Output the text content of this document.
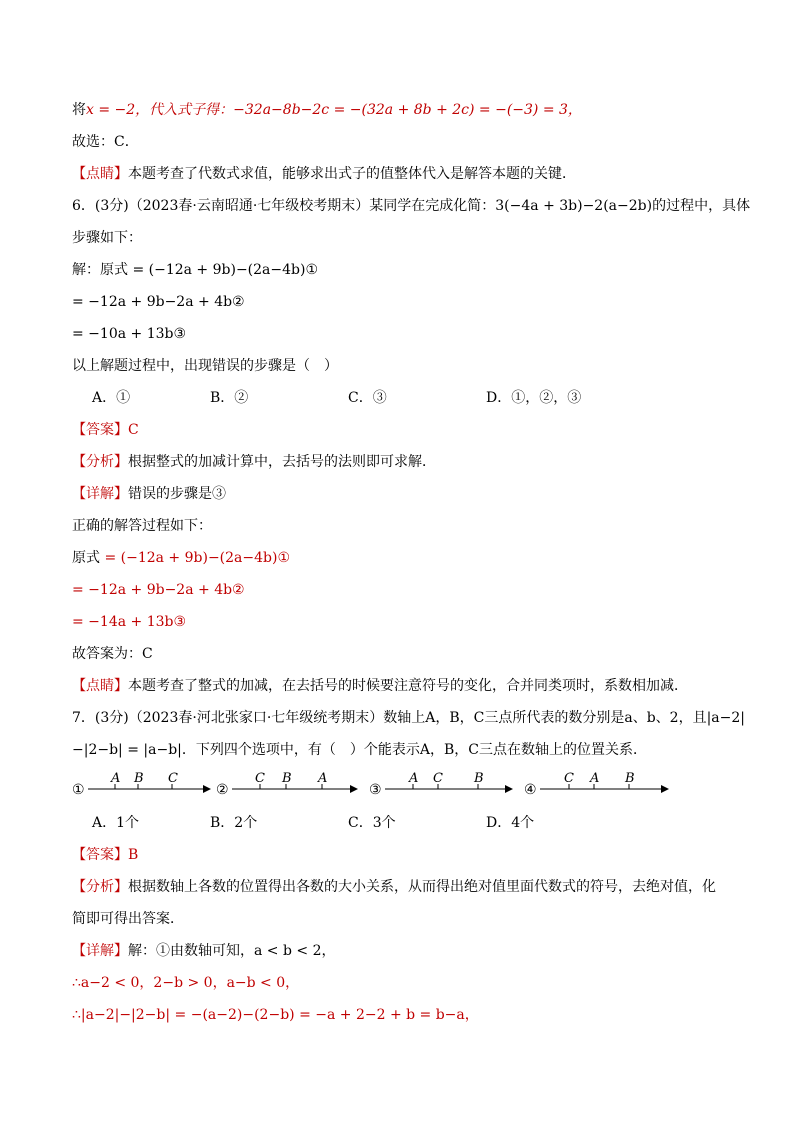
将x = −2，代入式子得：−32a−8b−2c = −(32a + 8b + 2c) = −(−3) = 3，
故选：C．
【点睛】本题考查了代数式求值，能够求出式子的值整体代入是解答本题的关键．
6．(3分)（2023春·云南昭通·七年级校考期末）某同学在完成化简：3(−4a + 3b)−2(a−2b)的过程中，具体
步骤如下：
解：原式 = (−12a + 9b)−(2a−4b)①
= −12a + 9b−2a + 4b②
= −10a + 13b③
以上解题过程中，出现错误的步骤是（　）
A．①	B．②	C．③	D．①，②，③
【答案】C
【分析】根据整式的加减计算中，去括号的法则即可求解．
【详解】错误的步骤是③
正确的解答过程如下：
原式 = (−12a + 9b)−(2a−4b)①
= −12a + 9b−2a + 4b②
= −14a + 13b③
故答案为：C
【点睛】本题考查了整式的加减，在去括号的时候要注意符号的变化，合并同类项时，系数相加减．
7．(3分)（2023春·河北张家口·七年级统考期末）数轴上A，B，C三点所代表的数分别是a、b、2，且|a−2|
−|2−b| = |a−b|．下列四个选项中，有（　）个能表示A，B，C三点在数轴上的位置关系．
①
A B C
②
C B A
③
A C B
④
C A B
A．1个	B．2个	C．3个	D．4个
【答案】B
【分析】根据数轴上各数的位置得出各数的大小关系，从而得出绝对值里面代数式的符号，去绝对值，化
简即可得出答案．
【详解】解：①由数轴可知，a < b < 2，
∴a−2 < 0，2−b > 0，a−b < 0，
∴|a−2|−|2−b| = −(a−2)−(2−b) = −a + 2−2 + b = b−a，
